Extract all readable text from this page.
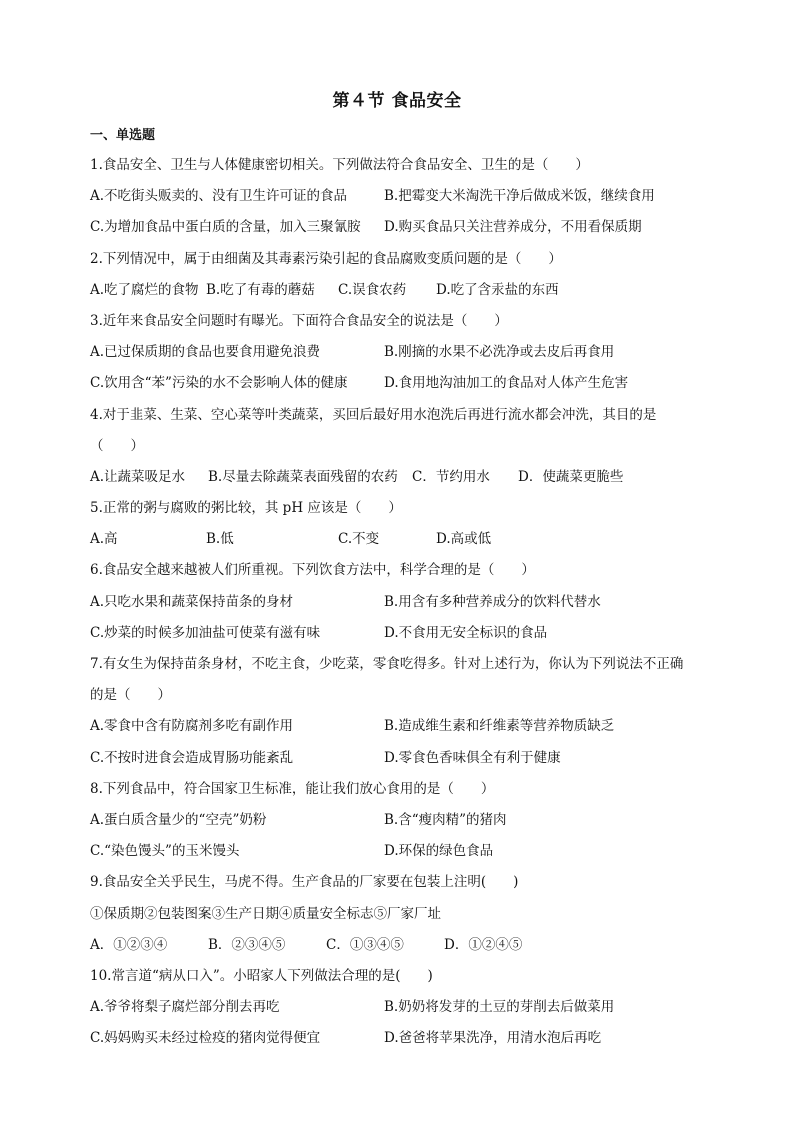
第４节 食品安全
一、单选题
1.食品安全、卫生与人体健康密切相关。下列做法符合食品安全、卫生的是（　　）
A.不吃街头贩卖的、没有卫生许可证的食品	B.把霉变大米淘洗干净后做成米饭，继续食用
C.为增加食品中蛋白质的含量，加入三聚氰胺 D.购买食品只关注营养成分，不用看保质期
2.下列情况中，属于由细菌及其毒素污染引起的食品腐败变质问题的是（　　）
A.吃了腐烂的食物 B.吃了有毒的蘑菇 C.误食农药 D.吃了含汞盐的东西
3.近年来食品安全问题时有曝光。下面符合食品安全的说法是（　　）
A.已过保质期的食品也要食用避免浪费	B.刚摘的水果不必洗净或去皮后再食用
C.饮用含“苯”污染的水不会影响人体的健康	D.食用地沟油加工的食品对人体产生危害
4.对于韭菜、生菜、空心菜等叶类蔬菜，买回后最好用水泡洗后再进行流水都会冲洗，其目的是
（　　）
A.让蔬菜吸足水 B.尽量去除蔬菜表面残留的农药 C．节约用水 D．使蔬菜更脆些
5.正常的粥与腐败的粥比较，其 pH 应该是（　　）
A.高	B.低	C.不变	D.高或低
6.食品安全越来越被人们所重视。下列饮食方法中，科学合理的是（　　）
A.只吃水果和蔬菜保持苗条的身材	B.用含有多种营养成分的饮料代替水
C.炒菜的时候多加油盐可使菜有滋有味	D.不食用无安全标识的食品
7.有女生为保持苗条身材，不吃主食，少吃菜，零食吃得多。针对上述行为，你认为下列说法不正确
的是（　　）
A.零食中含有防腐剂多吃有副作用	B.造成维生素和纤维素等营养物质缺乏
C.不按时进食会造成胃肠功能紊乱	D.零食色香味俱全有利于健康
8.下列食品中，符合国家卫生标准，能让我们放心食用的是（　　）
A.蛋白质含量少的“空壳”奶粉	B.含“瘦肉精”的猪肉
C.“染色馒头”的玉米馒头	D.环保的绿色食品
9.食品安全关乎民生，马虎不得。生产食品的厂家要在包装上注明(　　)
①保质期②包装图案③生产日期④质量安全标志⑤厂家厂址
A．①②③④	B．②③④⑤	C．①③④⑤	D．①②④⑤
10.常言道“病从口入”。小昭家人下列做法合理的是(　　)
A.爷爷将梨子腐烂部分削去再吃	B.奶奶将发芽的土豆的芽削去后做菜用
C.妈妈购买未经过检疫的猪肉觉得便宜	D.爸爸将苹果洗净，用清水泡后再吃
